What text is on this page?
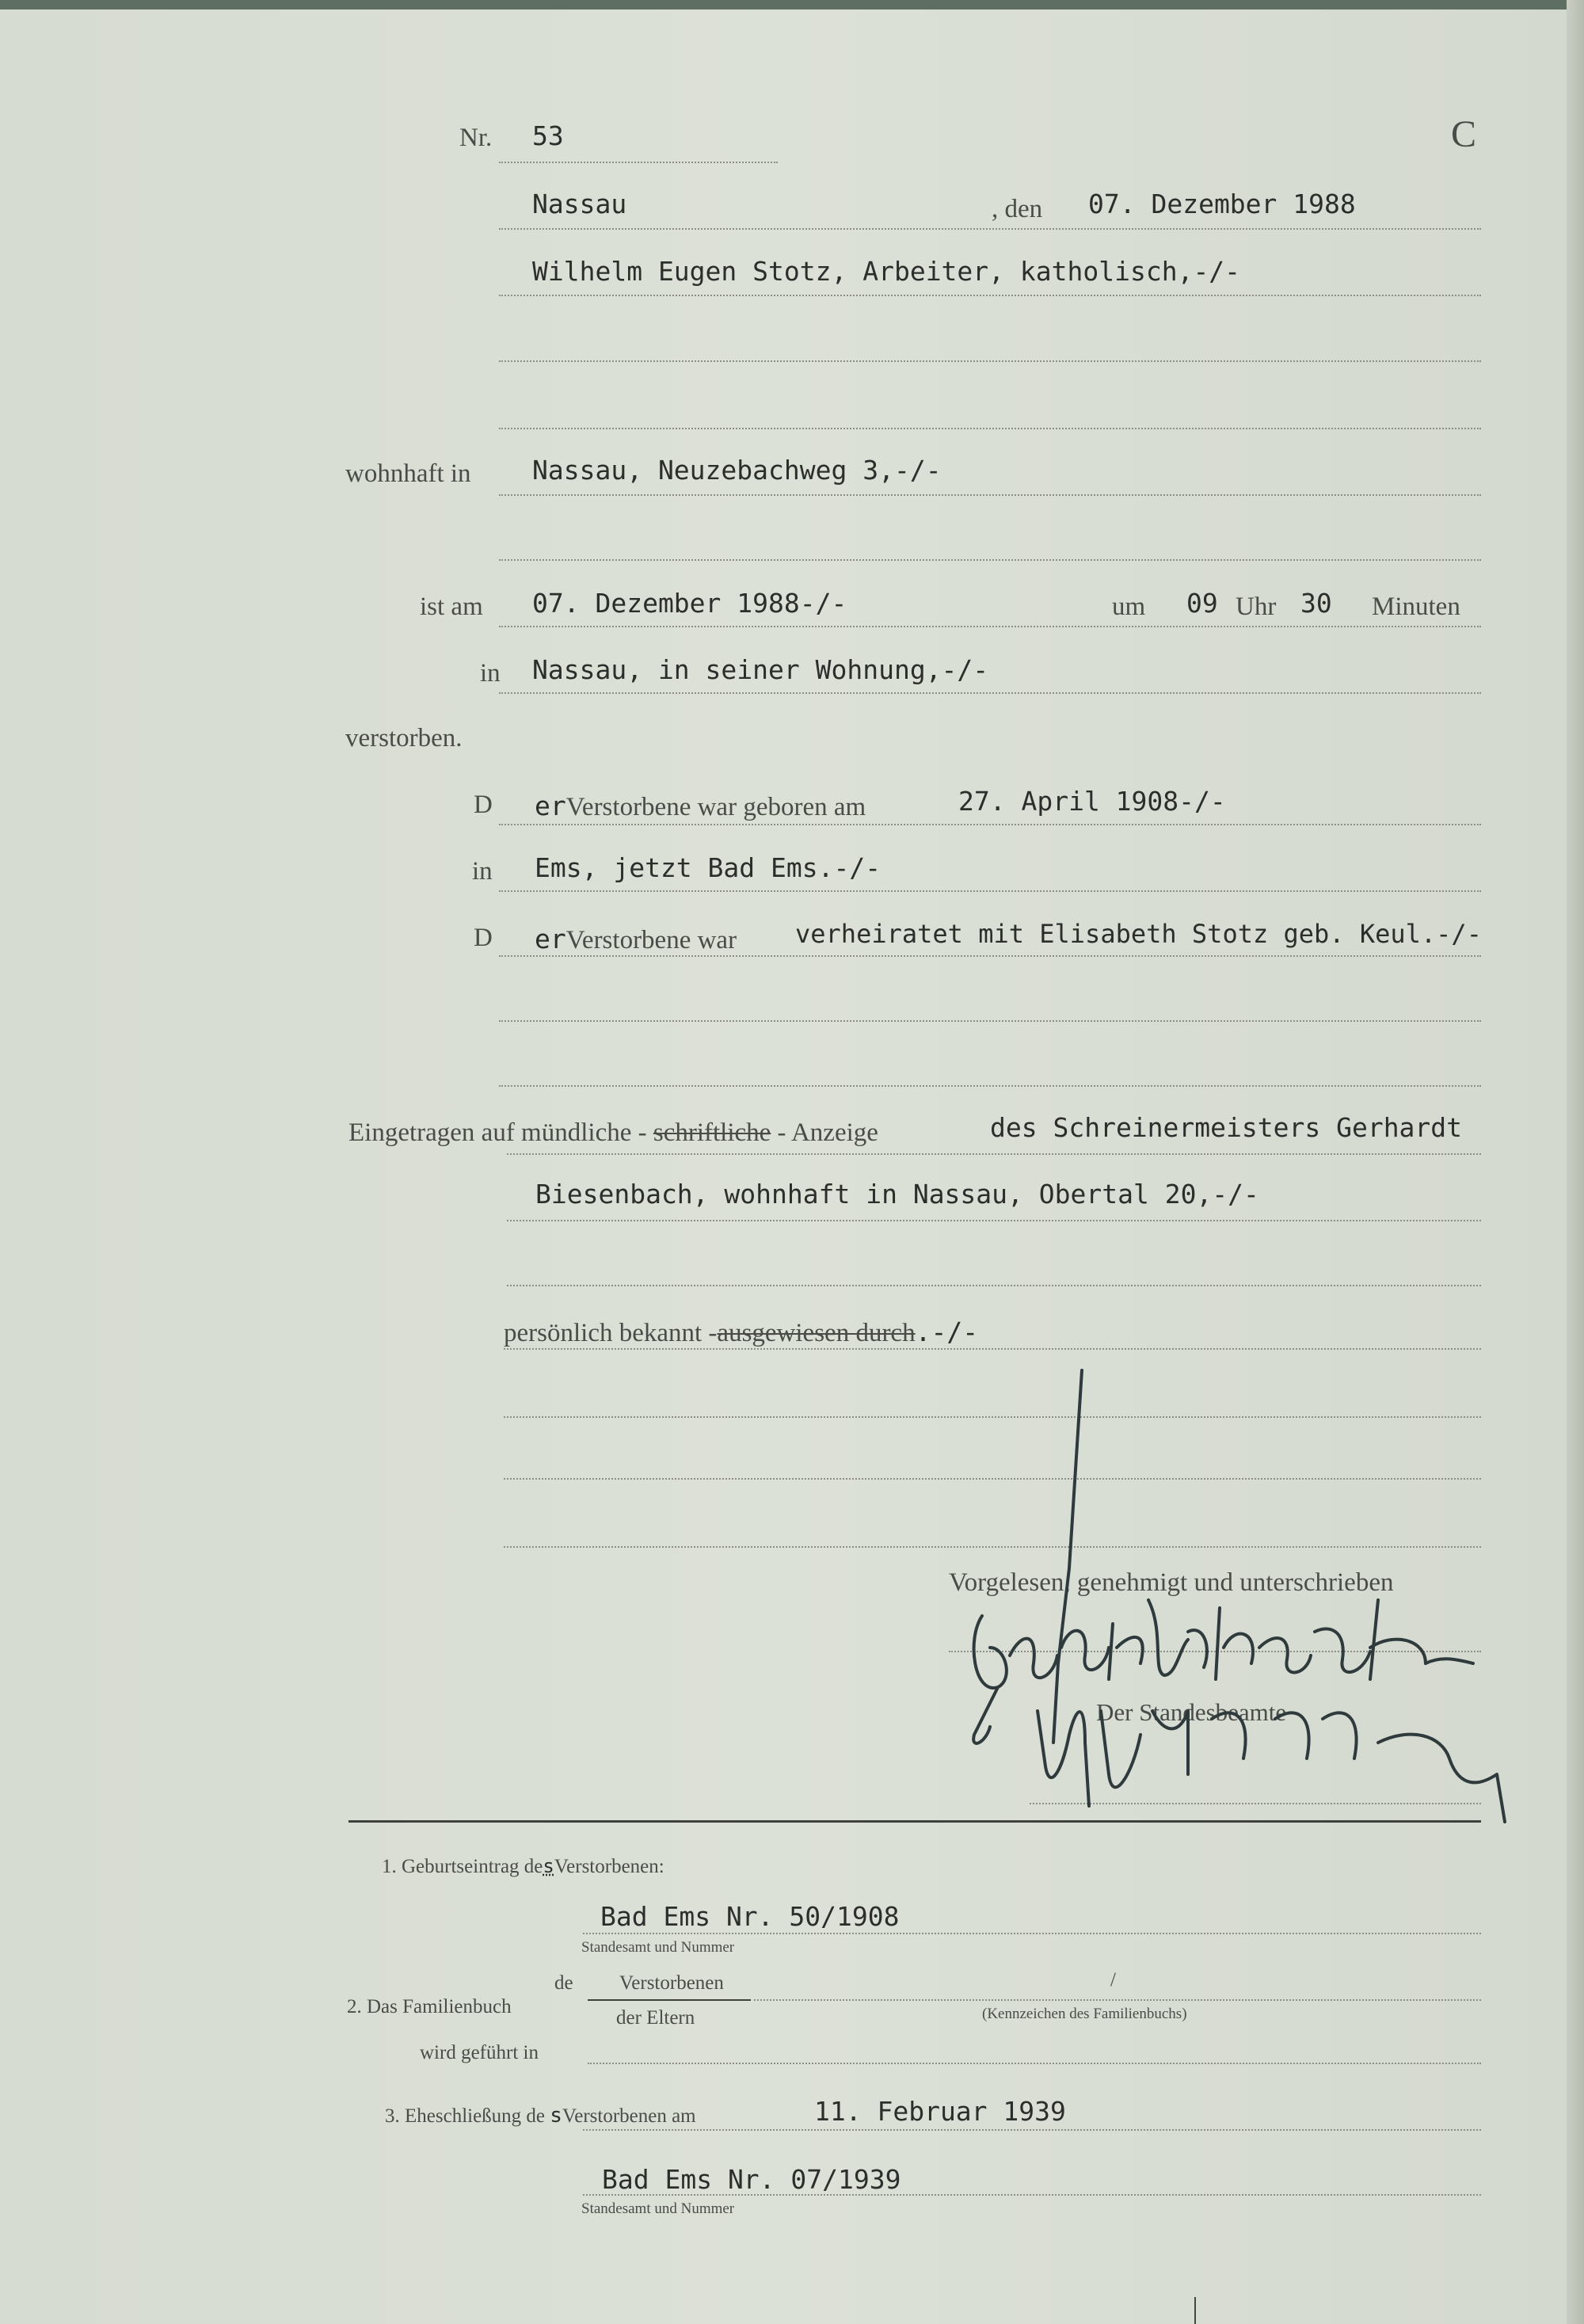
Nr. 53	C
Nassau	, den 07. Dezember 1988
Wilhelm Eugen Stotz, Arbeiter, katholisch,-/-
wohnhaft in Nassau, Neuzebachweg 3,-/-
ist am 07. Dezember 1988-/-	um 09 Uhr 30 Minuten
in Nassau, in seiner Wohnung,-/-
verstorben.
D erVerstorbene war geboren am	27. April 1908-/-
in Ems, jetzt Bad Ems.-/-
D erVerstorbene war verheiratet mit Elisabeth Stotz geb. Keul.-/-
Eingetragen auf mündliche - schriftliche - Anzeige	des Schreinermeisters Gerhardt
Biesenbach, wohnhaft in Nassau, Obertal 20,-/-
persönlich bekannt -ausgewiesen durch.-/-
Vorgelesen, genehmigt und unterschrieben
Der Standesbeamte
1. Geburtseintrag desVerstorbenen:
Bad Ems Nr. 50/1908
Standesamt und Nummer
2. Das Familienbuch
de Verstorbenen	/
der Eltern	(Kennzeichen des Familienbuchs)
wird geführt in
3. Eheschließung de sVerstorbenen am	11. Februar 1939
Bad Ems Nr. 07/1939
Standesamt und Nummer
